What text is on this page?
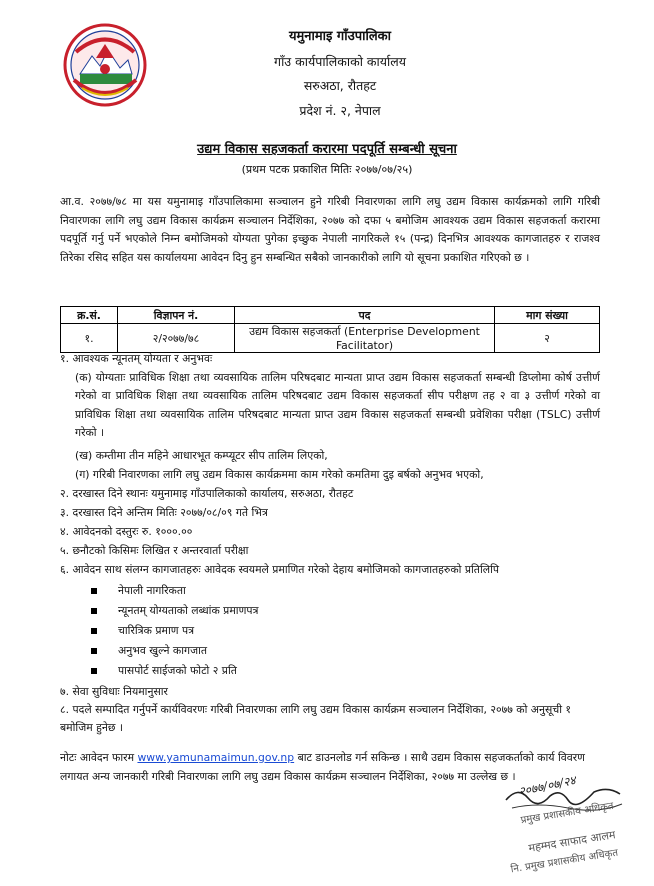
यमुनामाइ गाँउपालिका
गाँउ कार्यपालिकाको कार्यालय
सरुअठा, रौतहट
प्रदेश नं. २, नेपाल
उद्यम विकास सहजकर्ता करारमा पदपूर्ति सम्बन्धी सूचना
(प्रथम पटक प्रकाशित मितिः २०७७/०७/२५)

आ.व. २०७७/७८ मा यस यमुनामाइ गाँउपालिकामा सञ्चालन हुने गरिबी निवारणका लागि लघु उद्यम विकास कार्यक्रमको लागि गरिबी निवारणका लागि लघु उद्यम विकास कार्यक्रम सञ्चालन निर्देशिका, २०७७ को दफा ५ बमोजिम आवश्यक उद्यम विकास सहजकर्ता करारमा पदपूर्ति गर्नु पर्ने भएकोले निम्न बमोजिमको योग्यता पुगेका इच्छुक नेपाली नागरिकले १५ (पन्द्र) दिनभित्र आवश्यक कागजातहरु र राजश्व तिरेका रसिद सहित यस कार्यालयमा आवेदन दिनु हुन सम्बन्धित सबैको जानकारीको लागि यो सूचना प्रकाशित गरिएको छ ।

क्र.सं.	विज्ञापन नं.	पद	माग संख्या
१.	२/२०७७/७८	उद्यम विकास सहजकर्ता (Enterprise Development Facilitator)	२

१. आवश्यक न्यूनतम् योग्यता र अनुभवः

(क) योग्यताः प्राविधिक शिक्षा तथा व्यवसायिक तालिम परिषदबाट मान्यता प्राप्त उद्यम विकास सहजकर्ता सम्बन्धी डिप्लोमा कोर्ष उत्तीर्ण गरेको वा प्राविधिक शिक्षा तथा व्यवसायिक तालिम परिषदबाट उद्यम विकास सहजकर्ता सीप परीक्षण तह २ वा ३ उत्तीर्ण गरेको वा प्राविधिक शिक्षा तथा व्यवसायिक तालिम परिषदबाट मान्यता प्राप्त उद्यम विकास सहजकर्ता सम्बन्धी प्रवेशिका परीक्षा (TSLC) उत्तीर्ण गरेको ।

(ख) कम्तीमा तीन महिने आधारभूत कम्प्यूटर सीप तालिम लिएको,

(ग) गरिबी निवारणका लागि लघु उद्यम विकास कार्यक्रममा काम गरेको कमतिमा दुइ बर्षको अनुभव भएको,

२. दरखास्त दिने स्थानः यमुनामाइ गाँउपालिकाको कार्यालय, सरुअठा, रौतहट

३. दरखास्त दिने अन्तिम मितिः २०७७/०८/०९ गते भित्र

४. आवेदनको दस्तुरः रु. १०००.००

५. छनौटको किसिमः लिखित र अन्तरवार्ता परीक्षा

६. आवेदन साथ संलग्न कागजातहरुः आवेदक स्वयमले प्रमाणित गरेको देहाय बमोजिमको कागजातहरुको प्रतिलिपि

नेपाली नागरिकता
न्यूनतम् योग्यताको लब्धांक प्रमाणपत्र
चारित्रिक प्रमाण पत्र
अनुभव खुल्ने कागजात
पासपोर्ट साईजको फोटो २ प्रति

७. सेवा सुविधाः नियमानुसार

८. पदले सम्पादित गर्नुपर्ने कार्यविवरणः गरिबी निवारणका लागि लघु उद्यम विकास कार्यक्रम सञ्चालन निर्देशिका, २०७७ को अनुसूची १ बमोजिम हुनेछ ।

नोटः आवेदन फारम www.yamunamaimun.gov.np बाट डाउनलोड गर्न सकिन्छ । साथै उद्यम विकास सहजकर्ताको कार्य विवरण लगायत अन्य जानकारी गरिबी निवारणका लागि लघु उद्यम विकास कार्यक्रम सञ्चालन निर्देशिका, २०७७ मा उल्लेख छ । २०७७/०७/२४
प्रमुख प्रशासकीय अधिकृत
महम्मद साफाद आलम
नि. प्रमुख प्रशासकीय अधिकृत
